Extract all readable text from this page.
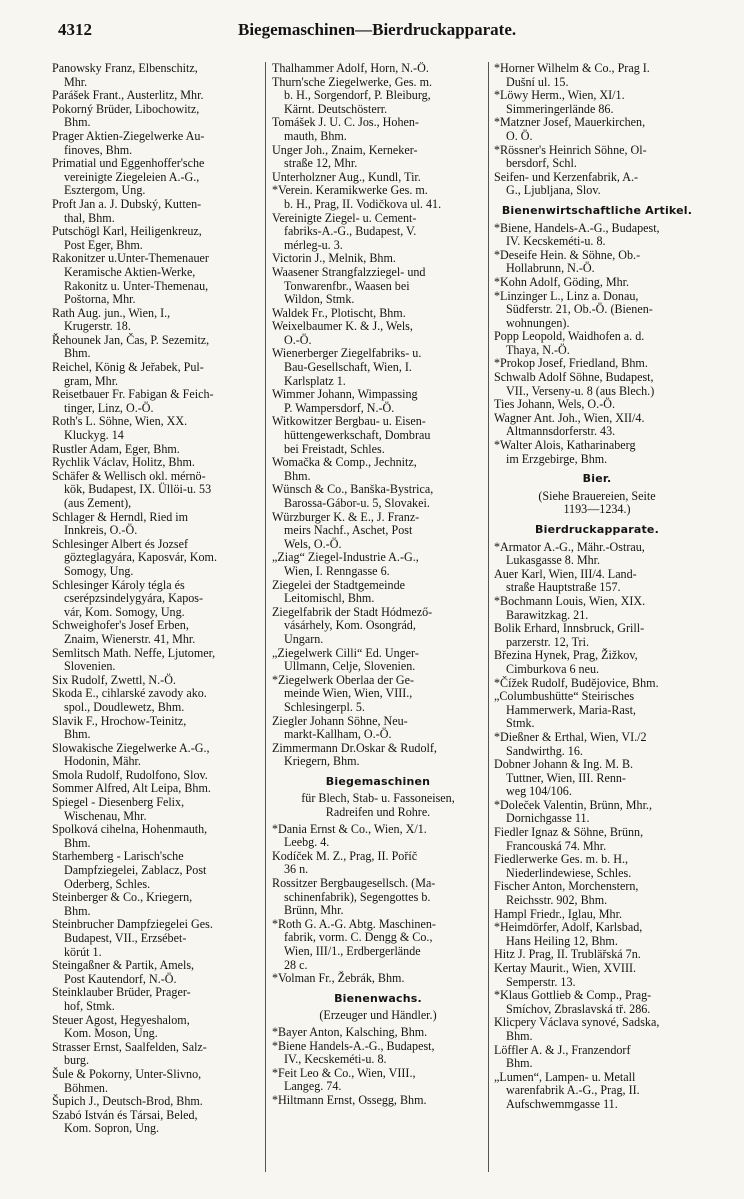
4312	Biegemaschinen—Bierdruckapparate.
Panowsky Franz, Elbenschitz,
Mhr.
Parášek Frant., Austerlitz, Mhr.
Pokorný Brüder, Libochowitz,
Bhm.
Prager Aktien-Ziegelwerke Au-
finoves, Bhm.
Primatial und Eggenhoffer'sche
vereinigte Ziegeleien A.-G.,
Esztergom, Ung.
Proft Jan a. J. Dubský, Kutten-
thal, Bhm.
Putschögl Karl, Heiligenkreuz,
Post Eger, Bhm.
Rakonitzer u.Unter-Themenauer
Keramische Aktien-Werke,
Rakonitz u. Unter-Themenau,
Poštorna, Mhr.
Rath Aug. jun., Wien, I.,
Krugerstr. 18.
Řehounek Jan, Čas, P. Sezemitz,
Bhm.
Reichel, König & Jeřabek, Pul-
gram, Mhr.
Reisetbauer Fr. Fabigan & Feich-
tinger, Linz, O.-Ö.
Roth's L. Söhne, Wien, XX.
Kluckyg. 14
Rustler Adam, Eger, Bhm.
Rychlik Václav, Holitz, Bhm.
Schäfer & Wellisch okl. mérnö-
kök, Budapest, IX. Üllöi-u. 53
(aus Zement),
Schlager & Herndl, Ried im
Innkreis, O.-Ö.
Schlesinger Albert és Jozsef
gözteglagyára, Kaposvár, Kom.
Somogy, Ung.
Schlesinger Károly tégla és
cserépzsindelygyára, Kapos-
vár, Kom. Somogy, Ung.
Schweighofer's Josef Erben,
Znaim, Wienerstr. 41, Mhr.
Semlitsch Math. Neffe, Ljutomer,
Slovenien.
Six Rudolf, Zwettl, N.-Ö.
Skoda E., cihlarské zavody ako.
spol., Doudlewetz, Bhm.
Slavik F., Hrochow-Teinitz,
Bhm.
Slowakische Ziegelwerke A.-G.,
Hodonin, Mähr.
Smola Rudolf, Rudolfono, Slov.
Sommer Alfred, Alt Leipa, Bhm.
Spiegel - Diesenberg Felix,
Wischenau, Mhr.
Spolková cihelna, Hohenmauth,
Bhm.
Starhemberg - Larisch'sche
Dampfziegelei, Zablacz, Post
Oderberg, Schles.
Steinberger & Co., Kriegern,
Bhm.
Steinbrucher Dampfziegelei Ges.
Budapest, VII., Erzsébet-
körút 1.
Steingaßner & Partik, Amels,
Post Kautendorf, N.-Ö.
Steinklauber Brüder, Prager-
hof, Stmk.
Steuer Agost, Hegyeshalom,
Kom. Moson, Ung.
Strasser Ernst, Saalfelden, Salz-
burg.
Šule & Pokorny, Unter-Slivno,
Böhmen.
Šupich J., Deutsch-Brod, Bhm.
Szabó István és Társai, Beled,
Kom. Sopron, Ung.
Thalhammer Adolf, Horn, N.-Ö.
Thurn'sche Ziegelwerke, Ges. m.
b. H., Sorgendorf, P. Bleiburg,
Kärnt. Deutschösterr.
Tomášek J. U. C. Jos., Hohen-
mauth, Bhm.
Unger Joh., Znaim, Kerneker-
straße 12, Mhr.
Unterholzner Aug., Kundl, Tir.
*Verein. Keramikwerke Ges. m.
b. H., Prag, II. Vodičkova ul. 41.
Vereinigte Ziegel- u. Cement-
fabriks-A.-G., Budapest, V.
mérleg-u. 3.
Victorin J., Melnik, Bhm.
Waasener Strangfalzziegel- und
Tonwarenfbr., Waasen bei
Wildon, Stmk.
Waldek Fr., Plotischt, Bhm.
Weixelbaumer K. & J., Wels,
O.-Ö.
Wienerberger Ziegelfabriks- u.
Bau-Gesellschaft, Wien, I.
Karlsplatz 1.
Wimmer Johann, Wimpassing
P. Wampersdorf, N.-Ö.
Witkowitzer Bergbau- u. Eisen-
hüttengewerkschaft, Dombrau
bei Freistadt, Schles.
Womačka & Comp., Jechnitz,
Bhm.
Wünsch & Co., Banška-Bystrica,
Barossa-Gábor-u. 5, Slovakei.
Würzburger K. & E., J. Franz-
meirs Nachf., Aschet, Post
Wels, O.-Ö.
„Ziag“ Ziegel-Industrie A.-G.,
Wien, I. Renngasse 6.
Ziegelei der Stadtgemeinde
Leitomischl, Bhm.
Ziegelfabrik der Stadt Hódmező-
vásárhely, Kom. Osongrád,
Ungarn.
„Ziegelwerk Cilli“ Ed. Unger-
Ullmann, Celje, Slovenien.
*Ziegelwerk Oberlaa der Ge-
meinde Wien, Wien, VIII.,
Schlesingerpl. 5.
Ziegler Johann Söhne, Neu-
markt-Kallham, O.-Ö.
Zimmermann Dr.Oskar & Rudolf,
Kriegern, Bhm.
Biegemaschinen
für Blech, Stab- u. Fassoneisen,
Radreifen und Rohre.
*Dania Ernst & Co., Wien, X/1.
Leebg. 4.
Kodíček M. Z., Prag, II. Poříč
36 n.
Rossitzer Bergbaugesellsch. (Ma-
schinenfabrik), Segengottes b.
Brünn, Mhr.
*Roth G. A.-G. Abtg. Maschinen-
fabrik, vorm. C. Dengg & Co.,
Wien, III/1., Erdbergerlände
28 c.
*Volman Fr., Žebrák, Bhm.
Bienenwachs.
(Erzeuger und Händler.)
*Bayer Anton, Kalsching, Bhm.
*Biene Handels-A.-G., Budapest,
IV., Kecskeméti-u. 8.
*Feit Leo & Co., Wien, VIII.,
Langeg. 74.
*Hiltmann Ernst, Ossegg, Bhm.
*Horner Wilhelm & Co., Prag I.
Dušní ul. 15.
*Löwy Herm., Wien, XI/1.
Simmeringerlände 86.
*Matzner Josef, Mauerkirchen,
O. Ö.
*Rössner's Heinrich Söhne, Ol-
bersdorf, Schl.
Seifen- und Kerzenfabrik, A.-
G., Ljubljana, Slov.
Bienenwirtschaftliche Artikel.
*Biene, Handels-A.-G., Budapest,
IV. Kecskeméti-u. 8.
*Deseife Hein. & Söhne, Ob.-
Hollabrunn, N.-Ö.
*Kohn Adolf, Göding, Mhr.
*Linzinger L., Linz a. Donau,
Südferstr. 21, Ob.-Ö. (Bienen-
wohnungen).
Popp Leopold, Waidhofen a. d.
Thaya, N.-Ö.
*Prokop Josef, Friedland, Bhm.
Schwalb Adolf Söhne, Budapest,
VII., Verseny-u. 8 (aus Blech.)
Ties Johann, Wels, O.-Ö.
Wagner Ant. Joh., Wien, XII/4.
Altmannsdorferstr. 43.
*Walter Alois, Katharinaberg
im Erzgebirge, Bhm.
Bier.
(Siehe Brauereien, Seite
1193—1234.)
Bierdruckapparate.
*Armator A.-G., Mähr.-Ostrau,
Lukasgasse 8. Mhr.
Auer Karl, Wien, III/4. Land-
straße Hauptstraße 157.
*Bochmann Louis, Wien, XIX.
Barawitzkag. 21.
Bolik Erhard, Innsbruck, Grill-
parzerstr. 12, Tri.
Březina Hynek, Prag, Žižkov,
Cimburkova 6 neu.
*Čížek Rudolf, Budějovice, Bhm.
„Columbushütte“ Steirisches
Hammerwerk, Maria-Rast,
Stmk.
*Dießner & Erthal, Wien, VI./2
Sandwirthg. 16.
Dobner Johann & Ing. M. B.
Tuttner, Wien, III. Renn-
weg 104/106.
*Doleček Valentin, Brünn, Mhr.,
Dornichgasse 11.
Fiedler Ignaz & Söhne, Brünn,
Francouská 74. Mhr.
Fiedlerwerke Ges. m. b. H.,
Niederlindewiese, Schles.
Fischer Anton, Morchenstern,
Reichsstr. 902, Bhm.
Hampl Friedr., Iglau, Mhr.
*Heimdörfer, Adolf, Karlsbad,
Hans Heiling 12, Bhm.
Hitz J. Prag, II. Trubläřská 7n.
Kertay Maurit., Wien, XVIII.
Semperstr. 13.
*Klaus Gottlieb & Comp., Prag-
Smíchov, Zbraslavská tř. 286.
Klicpery Václava synové, Sadska,
Bhm.
Löffler A. & J., Franzendorf
Bhm.
„Lumen“, Lampen- u. Metall
warenfabrik A.-G., Prag, II.
Aufschwemmgasse 11.
